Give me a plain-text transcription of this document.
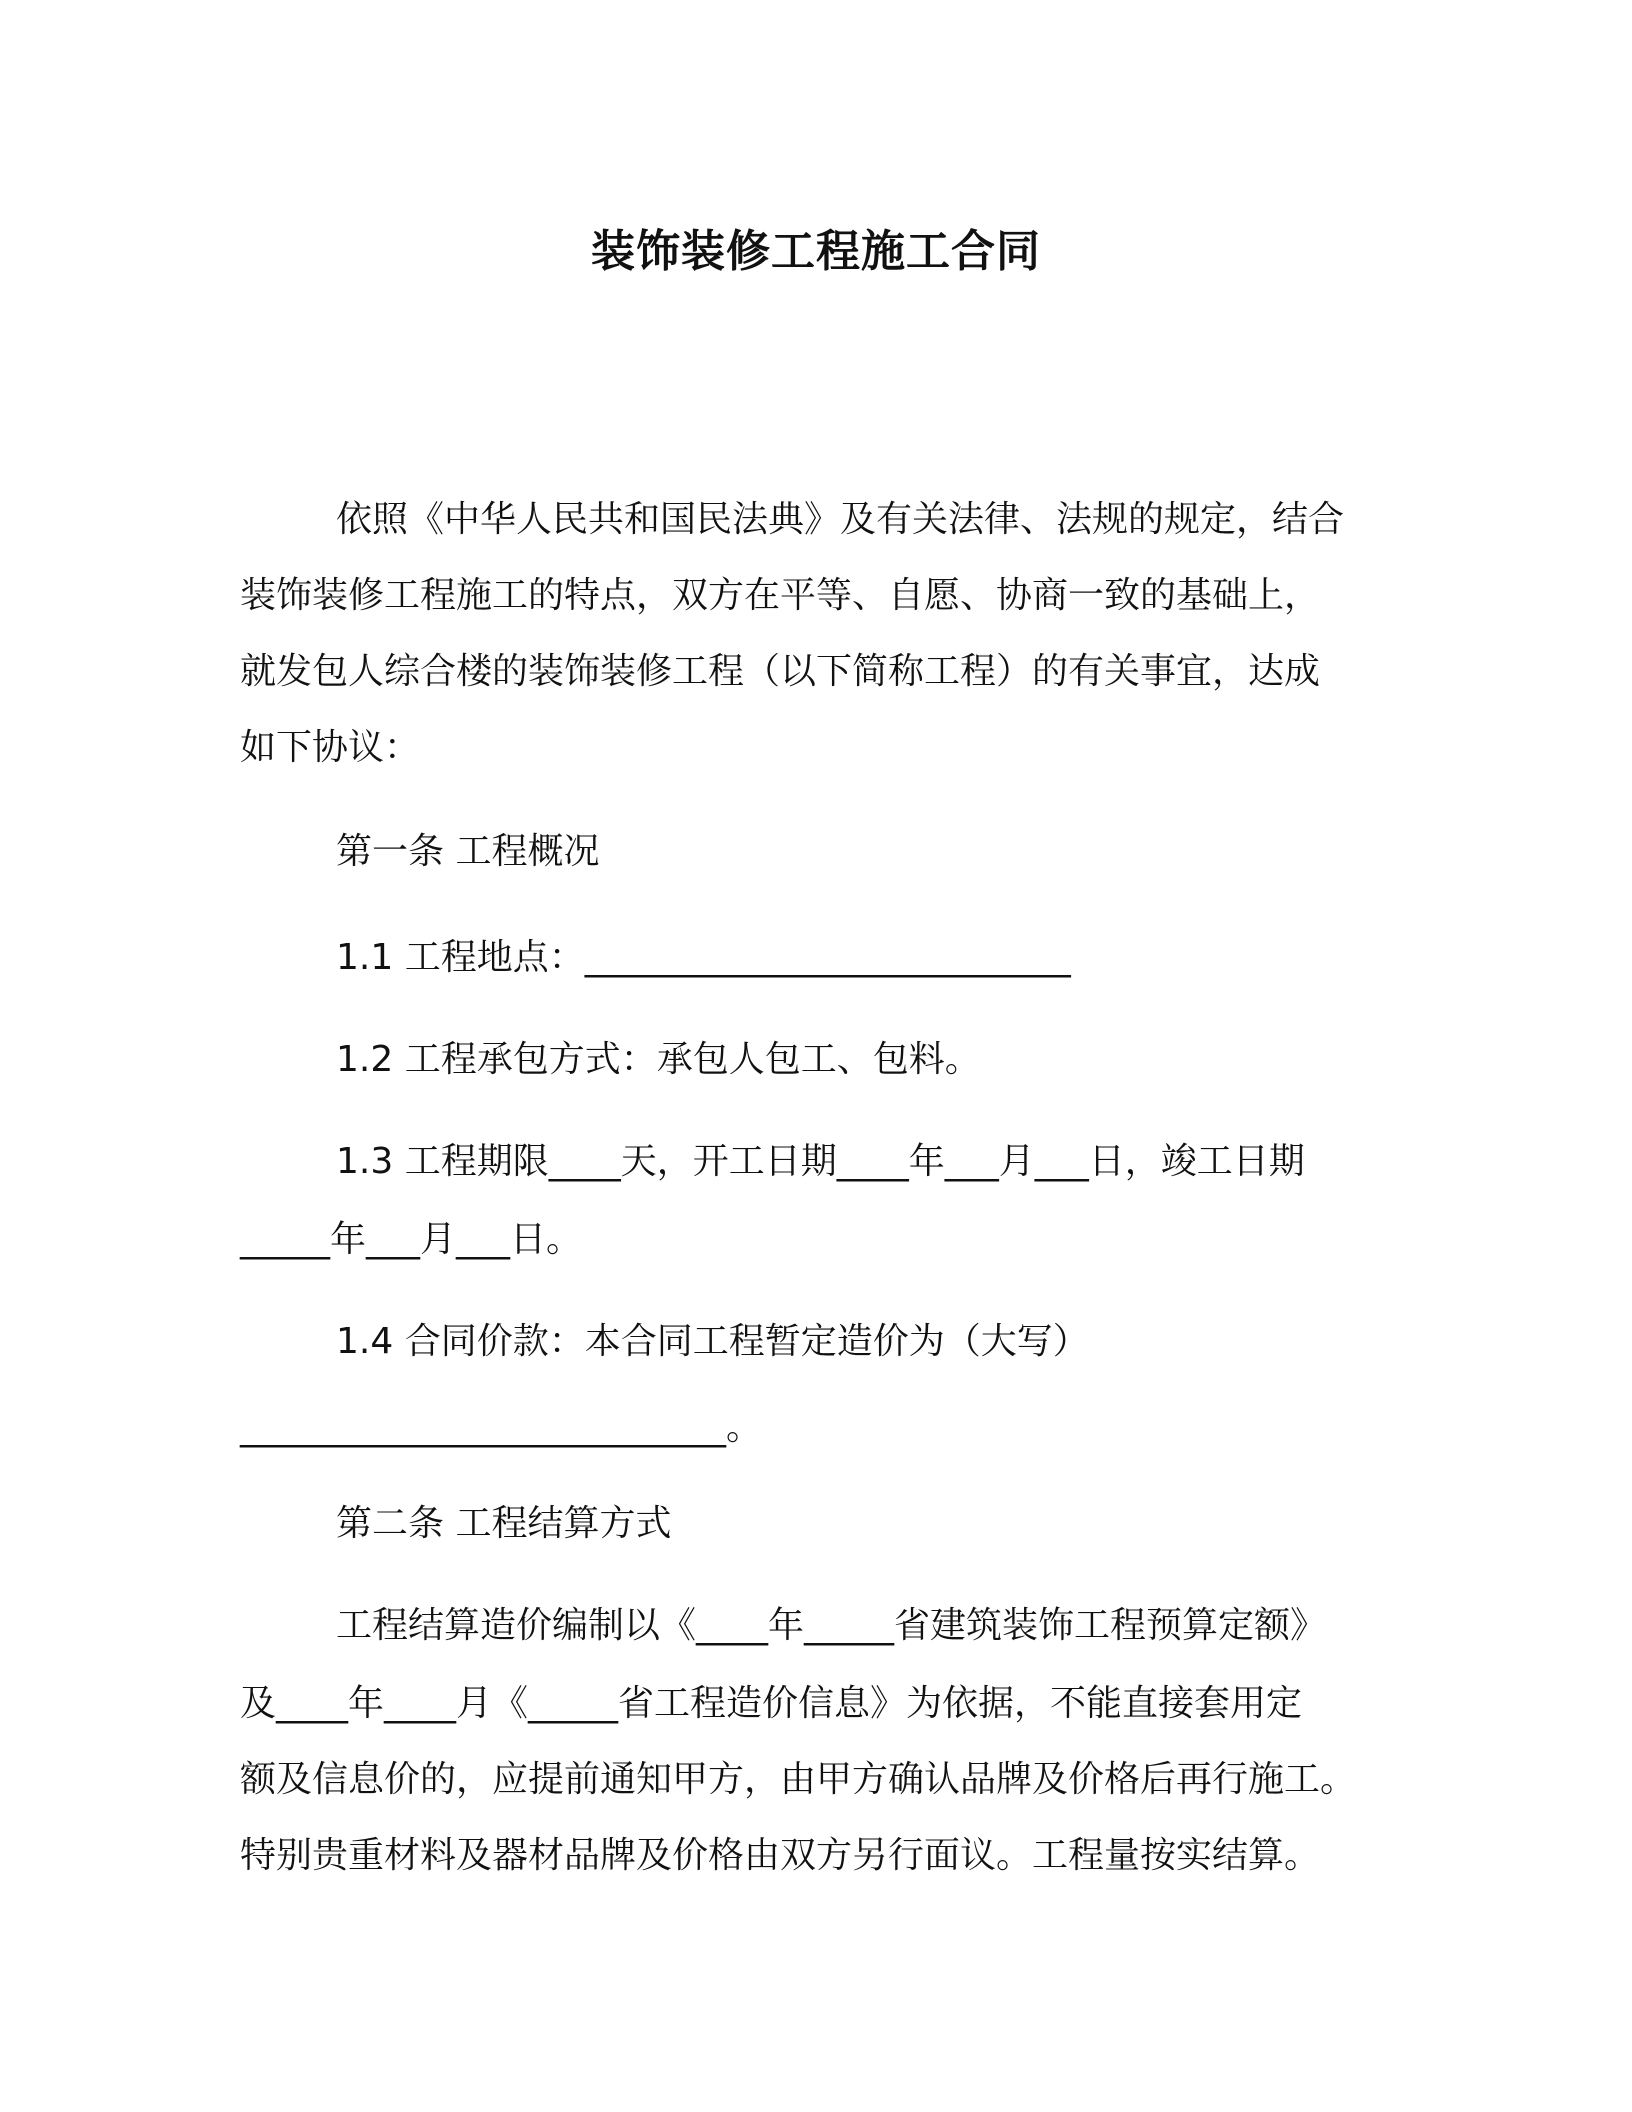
装饰装修工程施工合同
依照《中华人民共和国民法典》及有关法律、法规的规定，结合
装饰装修工程施工的特点，双方在平等、自愿、协商一致的基础上，
就发包人综合楼的装饰装修工程（以下简称工程）的有关事宜，达成
如下协议：
第一条 工程概况
1.1 工程地点：___________________________
1.2 工程承包方式：承包人包工、包料。
1.3 工程期限____天，开工日期____年___月___日，竣工日期
_____年___月___日。
1.4 合同价款：本合同工程暂定造价为（大写）
___________________________。
第二条 工程结算方式
工程结算造价编制以《____年_____省建筑装饰工程预算定额》
及____年____月《_____省工程造价信息》为依据，不能直接套用定
额及信息价的，应提前通知甲方，由甲方确认品牌及价格后再行施工。
特别贵重材料及器材品牌及价格由双方另行面议。工程量按实结算。
